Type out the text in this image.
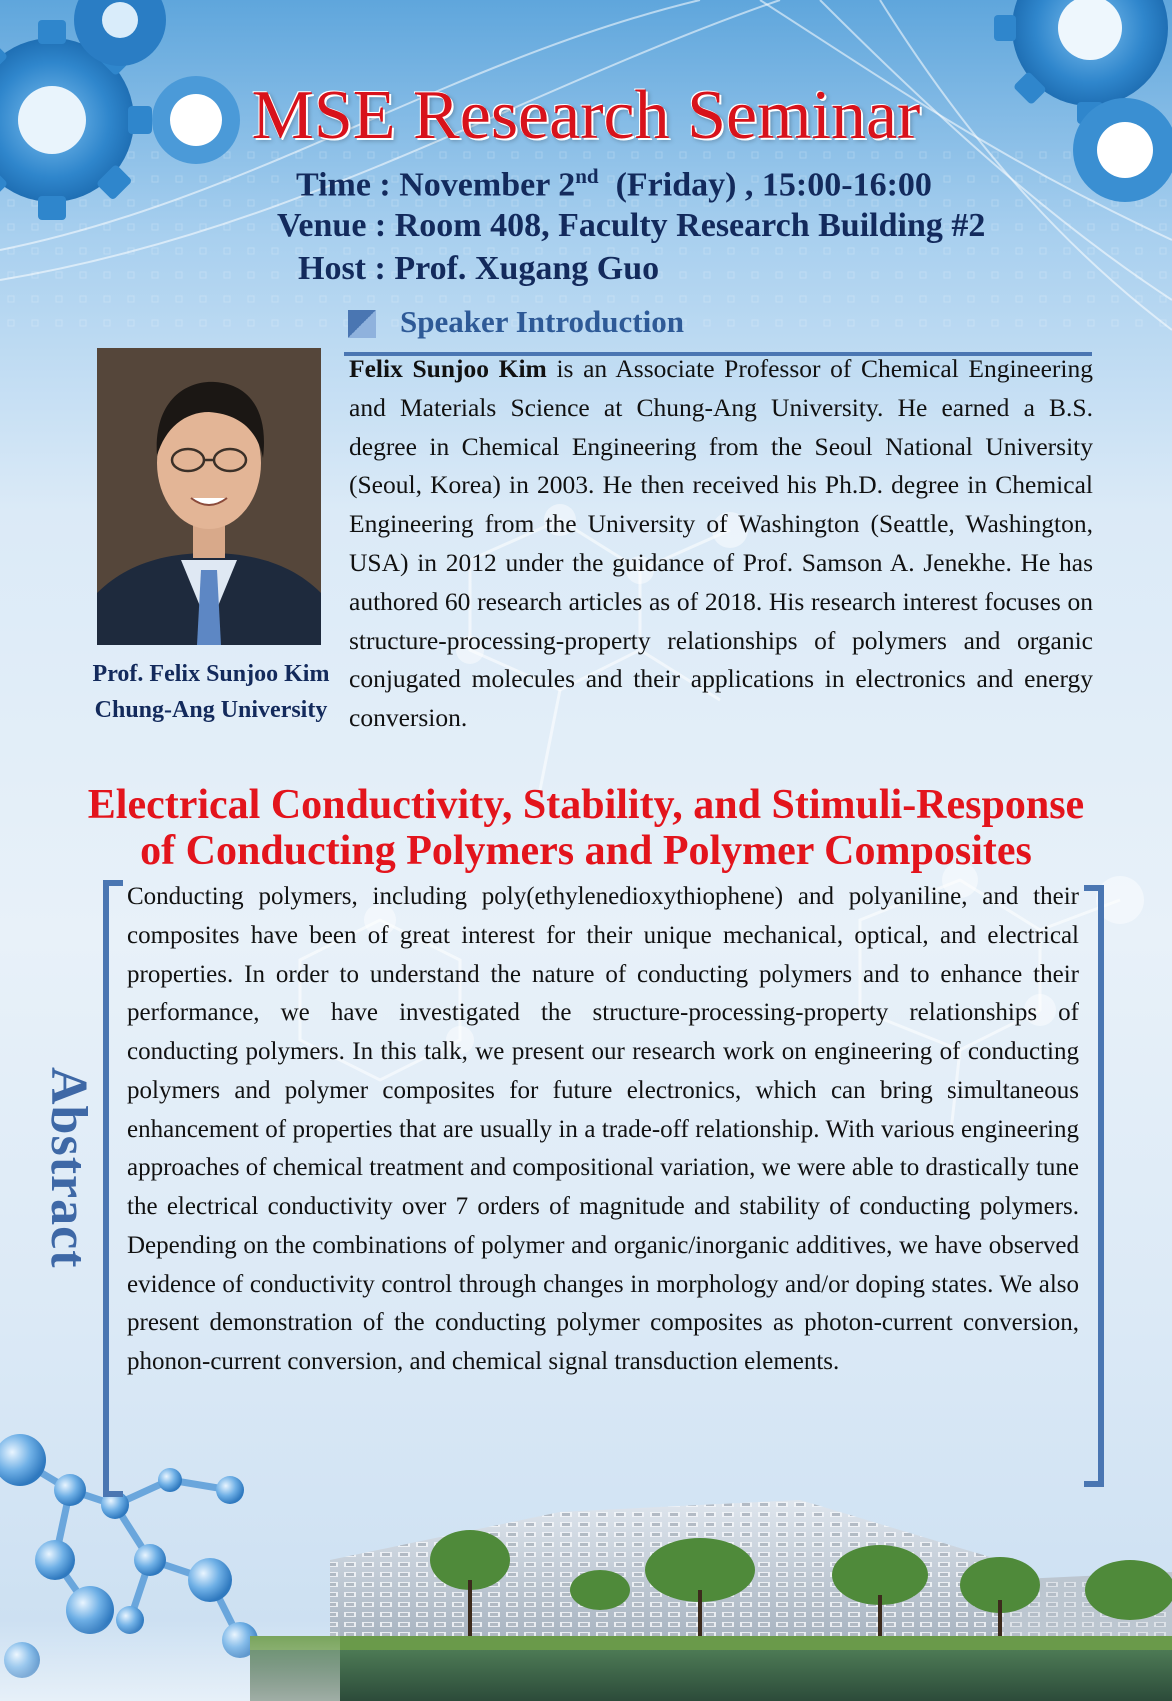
MSE Research Seminar
Time : November 2nd (Friday) , 15:00-16:00
Venue : Room 408, Faculty Research Building #2
Host : Prof. Xugang Guo
Speaker Introduction
Prof. Felix Sunjoo Kim
Chung-Ang University

Felix Sunjoo Kim is an Associate Professor of Chemical Engineering and Materials Science at Chung-Ang University. He earned a B.S. degree in Chemical Engineering from the Seoul National University (Seoul, Korea) in 2003. He then received his Ph.D. degree in Chemical Engineering from the University of Washington (Seattle, Washington, USA) in 2012 under the guidance of Prof. Samson A. Jenekhe. He has authored 60 research articles as of 2018. His research interest focuses on structure-processing-property relationships of polymers and organic conjugated molecules and their applications in electronics and energy conversion.

Electrical Conductivity, Stability, and Stimuli-Response
of Conducting Polymers and Polymer Composites
Abstract

Conducting polymers, including poly(ethylenedioxythiophene) and polyaniline, and their composites have been of great interest for their unique mechanical, optical, and electrical properties. In order to understand the nature of conducting polymers and to enhance their performance, we have investigated the structure-processing-property relationships of conducting polymers. In this talk, we present our research work on engineering of conducting polymers and polymer composites for future electronics, which can bring simultaneous enhancement of properties that are usually in a trade-off relationship. With various engineering approaches of chemical treatment and compositional variation, we were able to drastically tune the electrical conductivity over 7 orders of magnitude and stability of conducting polymers. Depending on the combinations of polymer and organic/inorganic additives, we have observed evidence of conductivity control through changes in morphology and/or doping states. We also present demonstration of the conducting polymer composites as photon-current conversion, phonon-current conversion, and chemical signal transduction elements.
